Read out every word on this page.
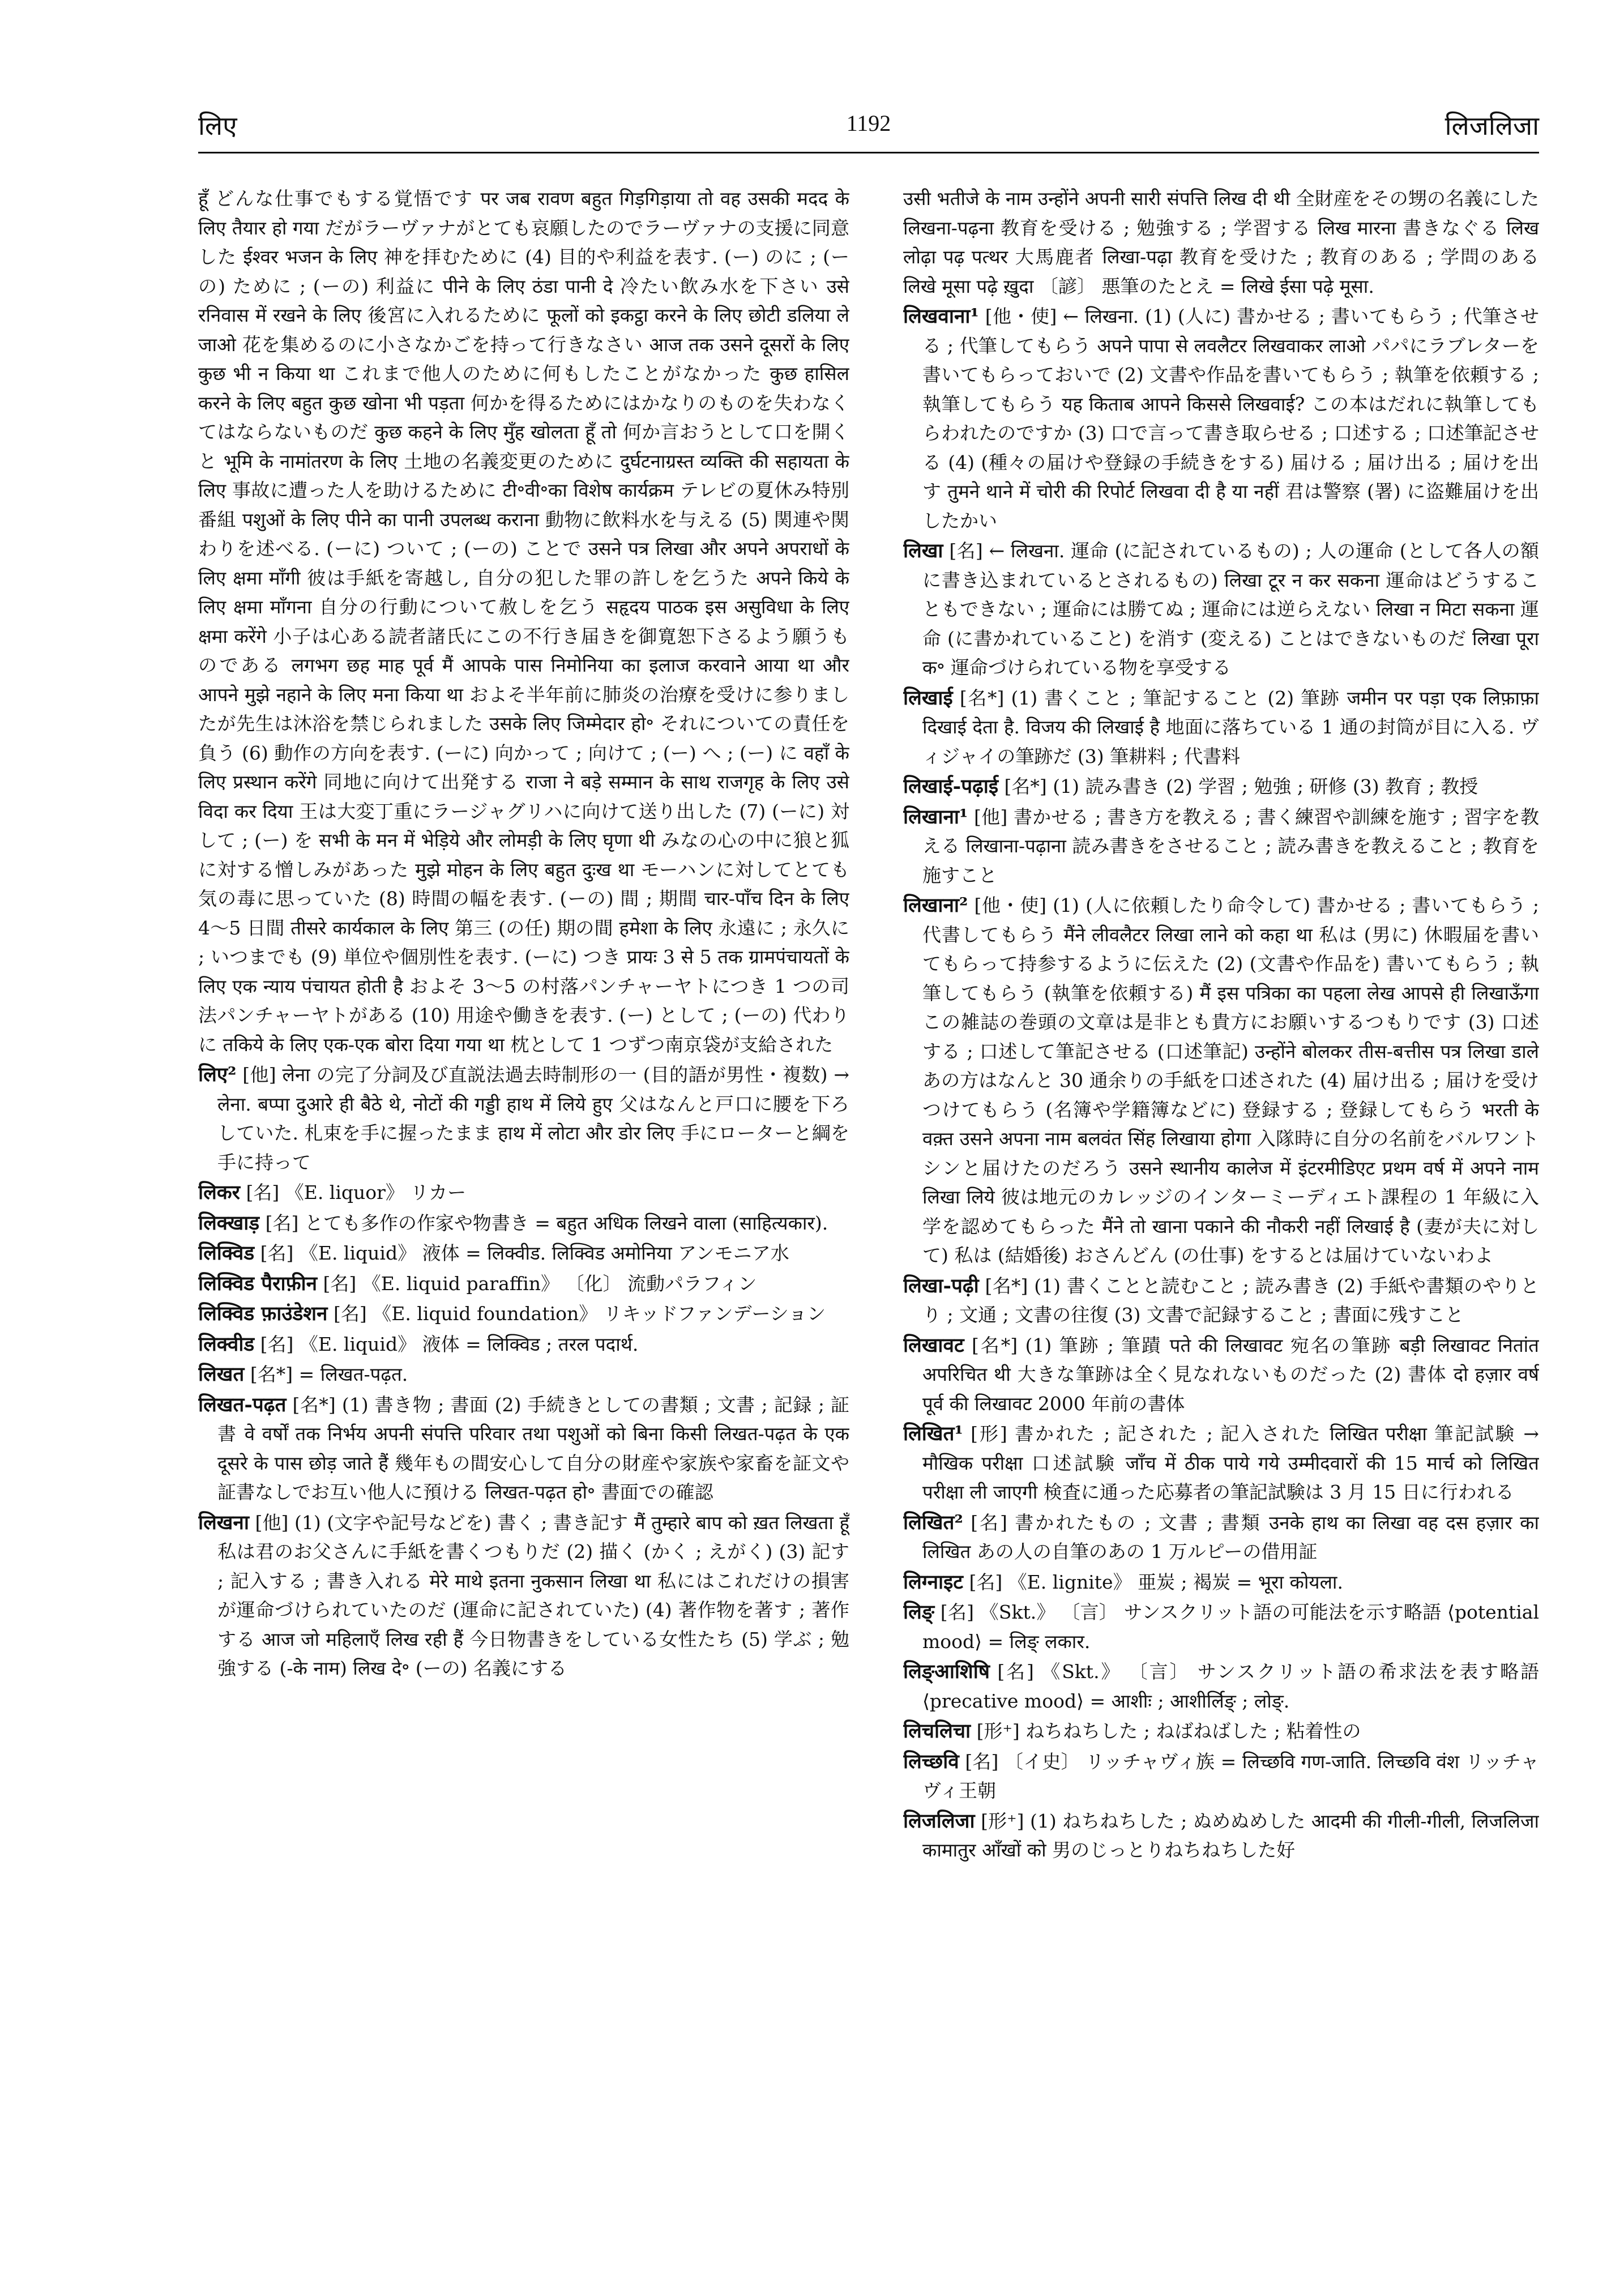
लिए	1192	लिजलिजा
हूँ どんな仕事でもする覚悟です पर जब रावण बहुत गिड़गिड़ाया तो वह उसकी मदद के लिए तैयार हो गया だがラーヴァナがとても哀願したのでラーヴァナの支援に同意した ईश्वर भजन के लिए 神を拝むために (4) 目的や利益を表す. (ー) のに ; (ーの) ために ; (ーの) 利益に पीने के लिए ठंडा पानी दे 冷たい飲み水を下さい उसे रनिवास में रखने के लिए 後宮に入れるために फूलों को इकट्ठा करने के लिए छोटी डलिया ले जाओ 花を集めるのに小さなかごを持って行きなさい आज तक उसने दूसरों के लिए कुछ भी न किया था これまで他人のために何もしたことがなかった कुछ हासिल करने के लिए बहुत कुछ खोना भी पड़ता 何かを得るためにはかなりのものを失わなくてはならないものだ कुछ कहने के लिए मुँह खोलता हूँ तो 何か言おうとして口を開くと भूमि के नामांतरण के लिए 土地の名義変更のために दुर्घटनाग्रस्त व्यक्ति की सहायता के लिए 事故に遭った人を助けるために टी॰वी॰का विशेष कार्यक्रम テレビの夏休み特別番組 पशुओं के लिए पीने का पानी उपलब्ध कराना 動物に飲料水を与える (5) 関連や関わりを述べる. (ーに) ついて ; (ーの) ことで उसने पत्र लिखा और अपने अपराधों के लिए क्षमा माँगी 彼は手紙を寄越し, 自分の犯した罪の許しを乞うた अपने किये के लिए क्षमा माँगना 自分の行動について赦しを乞う सहृदय पाठक इस असुविधा के लिए क्षमा करेंगे 小子は心ある読者諸氏にこの不行き届きを御寛恕下さるよう願うものである लगभग छह माह पूर्व मैं आपके पास निमोनिया का इलाज करवाने आया था और आपने मुझे नहाने के लिए मना किया था およそ半年前に肺炎の治療を受けに参りましたが先生は沐浴を禁じられました उसके लिए जिम्मेदार हो॰ それについての責任を負う (6) 動作の方向を表す. (ーに) 向かって ; 向けて ; (ー) へ ; (ー) に वहाँ के लिए प्रस्थान करेंगे 同地に向けて出発する राजा ने बड़े सम्मान के साथ राजगृह के लिए उसे विदा कर दिया 王は大変丁重にラージャグリハに向けて送り出した (7) (ーに) 対して ; (ー) を सभी के मन में भेड़िये और लोमड़ी के लिए घृणा थी みなの心の中に狼と狐に対する憎しみがあった मुझे मोहन के लिए बहुत दुःख था モーハンに対してとても気の毒に思っていた (8) 時間の幅を表す. (ーの) 間 ; 期間 चार-पाँच दिन के लिए 4〜5 日間 तीसरे कार्यकाल के लिए 第三 (の任) 期の間 हमेशा के लिए 永遠に ; 永久に ; いつまでも (9) 単位や個別性を表す. (ーに) つき प्रायः 3 से 5 तक ग्रामपंचायतों के लिए एक न्याय पंचायत होती है およそ 3〜5 の村落パンチャーヤトにつき 1 つの司法パンチャーヤトがある (10) 用途や働きを表す. (ー) として ; (ーの) 代わりに तकिये के लिए एक-एक बोरा दिया गया था 枕として 1 つずつ南京袋が支給された
लिए² [他] लेना の完了分詞及び直説法過去時制形の一 (目的語が男性・複数) → लेना. बप्पा दुआरे ही बैठे थे, नोटों की गड्डी हाथ में लिये हुए 父はなんと戸口に腰を下ろしていた. 札束を手に握ったまま हाथ में लोटा और डोर लिए 手にローターと綱を手に持って
लिकर [名] 《E. liquor》 リカー
लिक्खाड़ [名] とても多作の作家や物書き = बहुत अधिक लिखने वाला (साहित्यकार).
लिक्विड [名] 《E. liquid》 液体 = लिक्वीड. लिक्विड अमोनिया アンモニア水
लिक्विड पैराफ़ीन [名] 《E. liquid paraffin》 〔化〕 流動パラフィン
लिक्विड फ़ाउंडेशन [名] 《E. liquid foundation》 リキッドファンデーション
लिक्वीड [名] 《E. liquid》 液体 = लिक्विड ; तरल पदार्थ.
लिखत [名*] = लिखत-पढ़त.
लिखत-पढ़त [名*] (1) 書き物 ; 書面 (2) 手続きとしての書類 ; 文書 ; 記録 ; 証書 वे वर्षों तक निर्भय अपनी संपत्ति परिवार तथा पशुओं को बिना किसी लिखत-पढ़त के एक दूसरे के पास छोड़ जाते हैं 幾年もの間安心して自分の財産や家族や家畜を証文や証書なしでお互い他人に預ける लिखत-पढ़त हो॰ 書面での確認
लिखना [他] (1) (文字や記号などを) 書く ; 書き記す मैं तुम्हारे बाप को ख़त लिखता हूँ 私は君のお父さんに手紙を書くつもりだ (2) 描く (かく ; えがく) (3) 記す ; 記入する ; 書き入れる मेरे माथे इतना नुकसान लिखा था 私にはこれだけの損害が運命づけられていたのだ (運命に記されていた) (4) 著作物を著す ; 著作する आज जो महिलाएँ लिख रही हैं 今日物書きをしている女性たち (5) 学ぶ ; 勉強する (-के नाम) लिख दे॰ (ーの) 名義にする
उसी भतीजे के नाम उन्होंने अपनी सारी संपत्ति लिख दी थी 全財産をその甥の名義にした लिखना-पढ़ना 教育を受ける ; 勉強する ; 学習する लिख मारना 書きなぐる लिख लोढ़ा पढ़ पत्थर 大馬鹿者 लिखा-पढ़ा 教育を受けた ; 教育のある ; 学問のある लिखे मूसा पढ़े ख़ुदा 〔諺〕 悪筆のたとえ = लिखे ईसा पढ़े मूसा.
लिखवाना¹ [他・使] ← लिखना. (1) (人に) 書かせる ; 書いてもらう ; 代筆させる ; 代筆してもらう अपने पापा से लवलैटर लिखवाकर लाओ パパにラブレターを書いてもらっておいで (2) 文書や作品を書いてもらう ; 執筆を依頼する ; 執筆してもらう यह किताब आपने किससे लिखवाई? この本はだれに執筆してもらわれたのですか (3) 口で言って書き取らせる ; 口述する ; 口述筆記させる (4) (種々の届けや登録の手続きをする) 届ける ; 届け出る ; 届けを出す तुमने थाने में चोरी की रिपोर्ट लिखवा दी है या नहीं 君は警察 (署) に盗難届けを出したかい
लिखा [名] ← लिखना. 運命 (に記されているもの) ; 人の運命 (として各人の額に書き込まれているとされるもの) लिखा टूर न कर सकना 運命はどうすることもできない ; 運命には勝てぬ ; 運命には逆らえない लिखा न मिटा सकना 運命 (に書かれていること) を消す (変える) ことはできないものだ लिखा पूरा क॰ 運命づけられている物を享受する
लिखाई [名*] (1) 書くこと ; 筆記すること (2) 筆跡 जमीन पर पड़ा एक लिफ़ाफ़ा दिखाई देता है. विजय की लिखाई है 地面に落ちている 1 通の封筒が目に入る. ヴィジャイの筆跡だ (3) 筆耕料 ; 代書料
लिखाई-पढ़ाई [名*] (1) 読み書き (2) 学習 ; 勉強 ; 研修 (3) 教育 ; 教授
लिखाना¹ [他] 書かせる ; 書き方を教える ; 書く練習や訓練を施す ; 習字を教える लिखाना-पढ़ाना 読み書きをさせること ; 読み書きを教えること ; 教育を施すこと
लिखाना² [他・使] (1) (人に依頼したり命令して) 書かせる ; 書いてもらう ; 代書してもらう मैंने लीवलैटर लिखा लाने को कहा था 私は (男に) 休暇届を書いてもらって持参するように伝えた (2) (文書や作品を) 書いてもらう ; 執筆してもらう (執筆を依頼する) मैं इस पत्रिका का पहला लेख आपसे ही लिखाऊँगा この雑誌の巻頭の文章は是非とも貴方にお願いするつもりです (3) 口述する ; 口述して筆記させる (口述筆記) उन्होंने बोलकर तीस-बत्तीस पत्र लिखा डाले あの方はなんと 30 通余りの手紙を口述された (4) 届け出る ; 届けを受けつけてもらう (名簿や学籍簿などに) 登録する ; 登録してもらう भरती के वक़्त उसने अपना नाम बलवंत सिंह लिखाया होगा 入隊時に自分の名前をバルワントシンと届けたのだろう उसने स्थानीय कालेज में इंटरमीडिएट प्रथम वर्ष में अपने नाम लिखा लिये 彼は地元のカレッジのインターミーディエト課程の 1 年級に入学を認めてもらった मैंने तो खाना पकाने की नौकरी नहीं लिखाई है (妻が夫に対して) 私は (結婚後) おさんどん (の仕事) をするとは届けていないわよ
लिखा-पढ़ी [名*] (1) 書くことと読むこと ; 読み書き (2) 手紙や書類のやりとり ; 文通 ; 文書の往復 (3) 文書で記録すること ; 書面に残すこと
लिखावट [名*] (1) 筆跡 ; 筆蹟 पते की लिखावट 宛名の筆跡 बड़ी लिखावट नितांत अपरिचित थी 大きな筆跡は全く見なれないものだった (2) 書体 दो हज़ार वर्ष पूर्व की लिखावट 2000 年前の書体
लिखित¹ [形] 書かれた ; 記された ; 記入された लिखित परीक्षा 筆記試験 → मौखिक परीक्षा 口述試験 जाँच में ठीक पाये गये उम्मीदवारों की 15 मार्च को लिखित परीक्षा ली जाएगी 検査に通った応募者の筆記試験は 3 月 15 日に行われる
लिखित² [名] 書かれたもの ; 文書 ; 書類 उनके हाथ का लिखा वह दस हज़ार का लिखित あの人の自筆のあの 1 万ルピーの借用証
लिग्नाइट [名] 《E. lignite》 亜炭 ; 褐炭 = भूरा कोयला.
लिङ् [名] 《Skt.》 〔言〕 サンスクリット語の可能法を示す略語 ⟨potential mood⟩ = लिङ् लकार.
लिङ्आशिषि [名] 《Skt.》 〔言〕 サンスクリット語の希求法を表す略語 ⟨precative mood⟩ = आशीः ; आशीर्लिङ् ; लोङ्.
लिचलिचा [形⁺] ねちねちした ; ねばねばした ; 粘着性の
लिच्छवि [名] 〔イ史〕 リッチャヴィ族 = लिच्छवि गण-जाति. लिच्छवि वंश リッチャヴィ王朝
लिजलिजा [形⁺] (1) ねちねちした ; ぬめぬめした आदमी की गीली-गीली, लिजलिजा कामातुर आँखों को 男のじっとりねちねちした好
